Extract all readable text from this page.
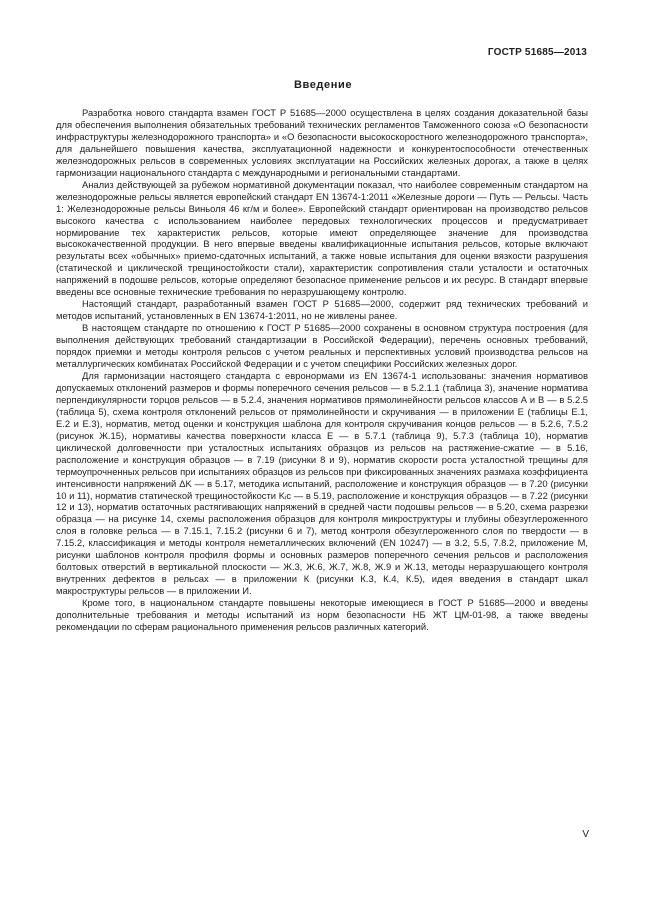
ГОСТР 51685—2013
Введение

Разработка нового стандарта взамен ГОСТ Р 51685—2000 осуществлена в целях создания доказательной базы для обеспечения выполнения обязательных требований технических регламентов Таможенного союза «О безопасности инфраструктуры железнодорожного транспорта» и «О безопасности высокоскоростного железнодорожного транспорта», для дальнейшего повышения качества, эксплуатационной надежности и конкурентоспособности отечественных железнодорожных рельсов в современных условиях эксплуатации на Российских железных дорогах, а также в целях гармонизации национального стандарта с международными и региональными стандартами.

Анализ действующей за рубежом нормативной документации показал, что наиболее современным стандартом на железнодорожные рельсы является европейский стандарт EN 13674-1:2011 «Железные дороги — Путь — Рельсы. Часть 1: Железнодорожные рельсы Виньоля 46 кг/м и более». Европейский стандарт ориентирован на производство рельсов высокого качества с использованием наиболее передовых технологических процессов и предусматривает нормирование тех характеристик рельсов, которые имеют определяющее значение для производства высококачественной продукции. В него впервые введены квалификационные испытания рельсов, которые включают результаты всех «обычных» приемо-сдаточных испытаний, а также новые испытания для оценки вязкости разрушения (статической и циклической трещиностойкости стали), характеристик сопротивления стали усталости и остаточных напряжений в подошве рельсов, которые определяют безопасное применение рельсов и их ресурс. В стандарт впервые введены все основные технические требования по неразрушающему контролю.

Настоящий стандарт, разработанный взамен ГОСТ Р 51685—2000, содержит ряд технических требований и методов испытаний, установленных в EN 13674-1:2011, но не живлены ранее.

В настоящем стандарте по отношению к ГОСТ Р 51685—2000 сохранены в основном структура построения (для выполнения действующих требований стандартизации в Российской Федерации), перечень основных требований, порядок приемки и методы контроля рельсов с учетом реальных и перспективных условий производства рельсов на металлургических комбинатах Российской Федерации и с учетом специфики Российских железных дорог.

Для гармонизации настоящего стандарта с евронормами из EN 13674-1 использованы: значения нормативов допускаемых отклонений размеров и формы поперечного сечения рельсов — в 5.2.1.1 (таблица 3), значение норматива перпендикулярности торцов рельсов — в 5.2.4, значения нормативов прямолинейности рельсов классов А и В — в 5.2.5 (таблица 5), схема контроля отклонений рельсов от прямолинейности и скручивания — в приложении Е (таблицы Е.1, Е.2 и Е.3), норматив, метод оценки и конструкция шаблона для контроля скручивания концов рельсов — в 5.2.6, 7.5.2 (рисунок Ж.15), нормативы качества поверхности класса Е — в 5.7.1 (таблица 9), 5.7.3 (таблица 10), норматив циклической долговечности при усталостных испытаниях образцов из рельсов на растяжение-сжатие — в 5.16, расположение и конструкция образцов — в 7.19 (рисунки 8 и 9), норматив скорости роста усталостной трещины для термоупрочненных рельсов при испытаниях образцов из рельсов при фиксированных значениях размаха коэффициента интенсивности напряжений ΔK — в 5.17, методика испытаний, расположение и конструкция образцов — в 7.20 (рисунки 10 и 11), норматив статической трещиностойкости Kᵢc — в 5.19, расположение и конструкция образцов — в 7.22 (рисунки 12 и 13), норматив остаточных растягивающих напряжений в средней части подошвы рельсов — в 5.20, схема разрезки образца — на рисунке 14, схемы расположения образцов для контроля микроструктуры и глубины обезуглероженного слоя в головке рельса — в 7.15.1, 7.15.2 (рисунки 6 и 7), метод контроля обезуглероженного слоя по твердости — в 7.15.2, классификация и методы контроля неметаллических включений (EN 10247) — в 3.2, 5.5, 7.8.2, приложение М, рисунки шаблонов контроля профиля формы и основных размеров поперечного сечения рельсов и расположения болтовых отверстий в вертикальной плоскости — Ж.3, Ж.6, Ж.7, Ж.8, Ж.9 и Ж.13, методы неразрушающего контроля внутренних дефектов в рельсах — в приложении К (рисунки К.3, К.4, К.5), идея введения в стандарт шкал макроструктуры рельсов — в приложении И.

Кроме того, в национальном стандарте повышены некоторые имеющиеся в ГОСТ Р 51685—2000 и введены дополнительные требования и методы испытаний из норм безопасности НБ ЖТ ЦМ-01-98, а также введены рекомендации по сферам рационального применения рельсов различных категорий.

V
